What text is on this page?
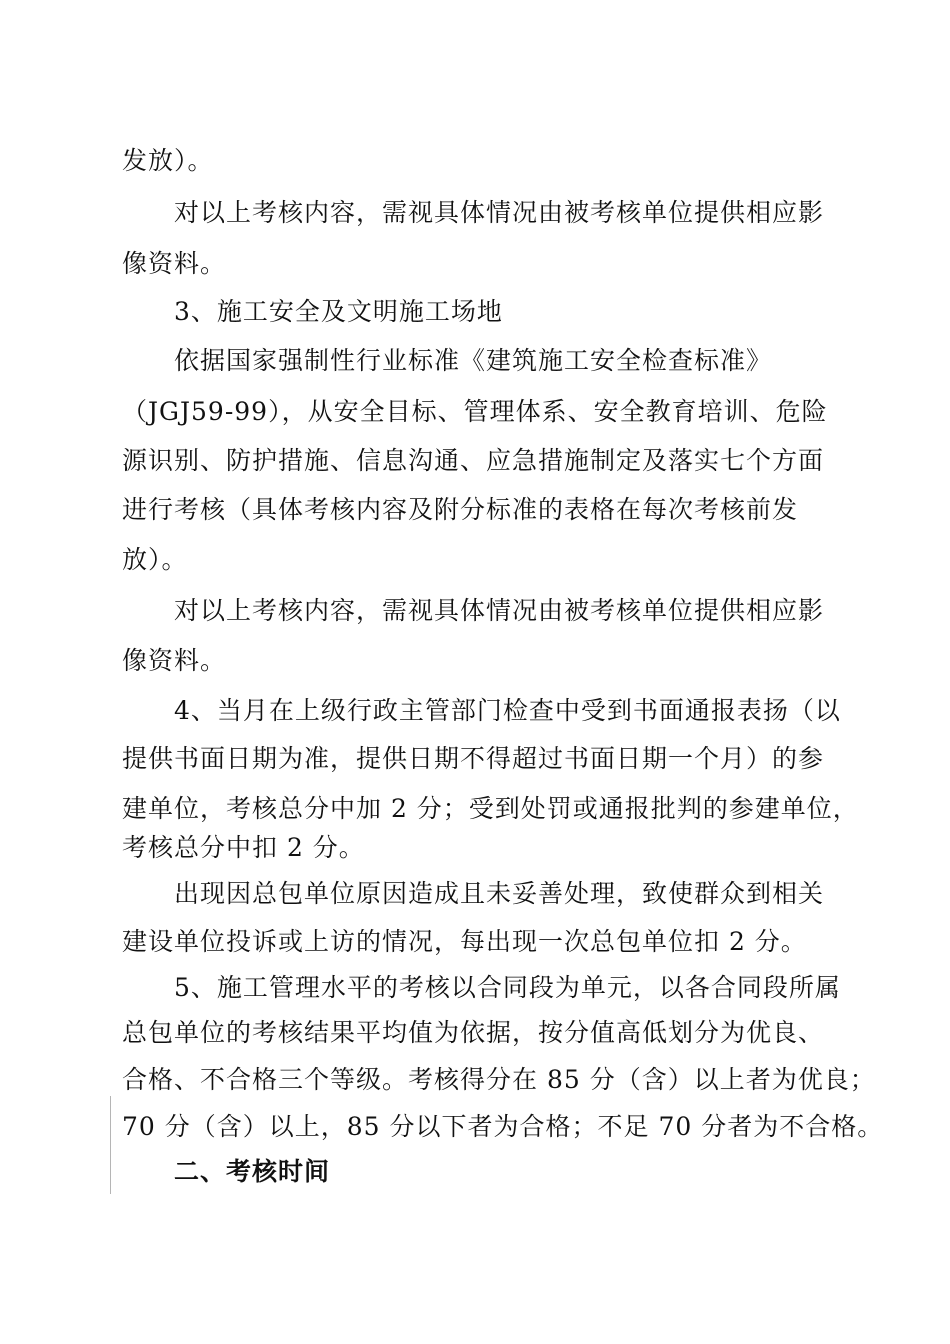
发放）。
对以上考核内容，需视具体情况由被考核单位提供相应影
像资料。
3、施工安全及文明施工场地
依据国家强制性行业标准《建筑施工安全检查标准》
（JGJ59-99），从安全目标、管理体系、安全教育培训、危险
源识别、防护措施、信息沟通、应急措施制定及落实七个方面
进行考核（具体考核内容及附分标准的表格在每次考核前发
放）。
对以上考核内容，需视具体情况由被考核单位提供相应影
像资料。
4、当月在上级行政主管部门检查中受到书面通报表扬（以
提供书面日期为准，提供日期不得超过书面日期一个月）的参
建单位，考核总分中加 2 分；受到处罚或通报批判的参建单位，
考核总分中扣 2 分。
出现因总包单位原因造成且未妥善处理，致使群众到相关
建设单位投诉或上访的情况，每出现一次总包单位扣 2 分。
5、施工管理水平的考核以合同段为单元，以各合同段所属
总包单位的考核结果平均值为依据，按分值高低划分为优良、
合格、不合格三个等级。考核得分在 85 分（含）以上者为优良；
70 分（含）以上，85 分以下者为合格；不足 70 分者为不合格。
二、考核时间
